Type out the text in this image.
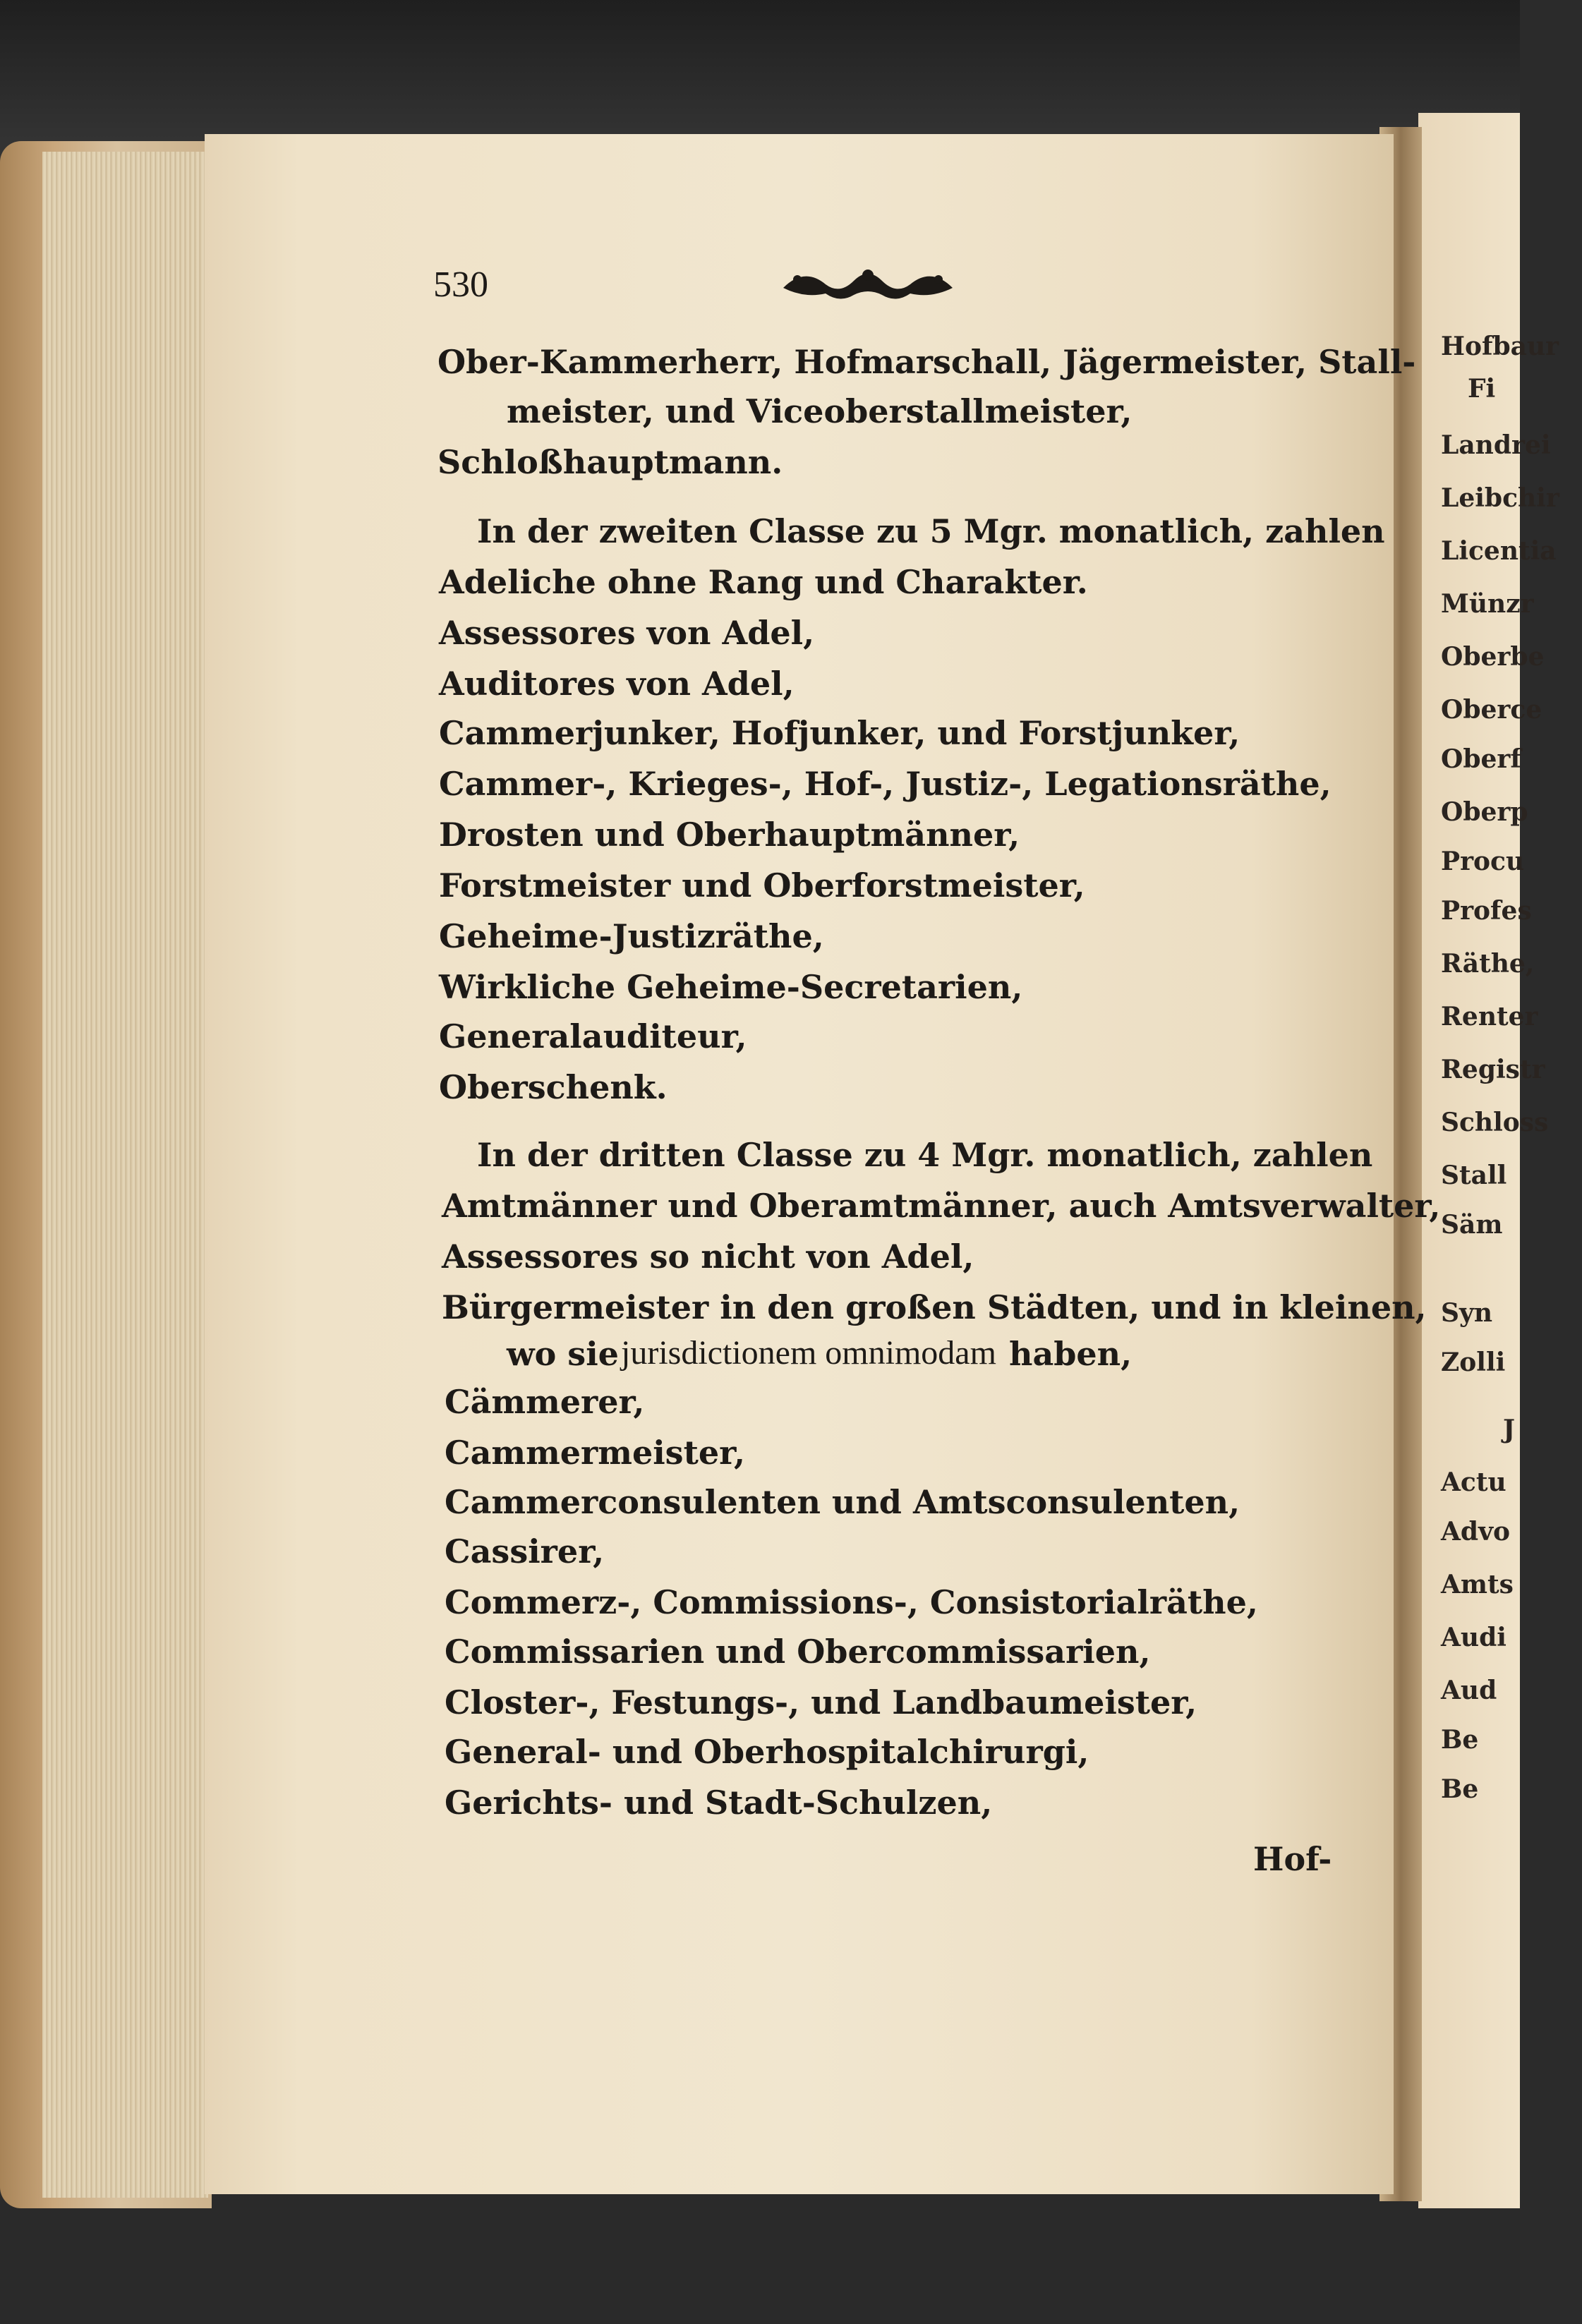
530
Ober-Kammerherr, Hofmarschall, Jägermeister, Stall-
meister, und Viceoberstallmeister,
Schloßhauptmann.
In der zweiten Classe zu 5 Mgr. monatlich, zahlen
Adeliche ohne Rang und Charakter.
Assessores von Adel,
Auditores von Adel,
Cammerjunker, Hofjunker, und Forstjunker,
Cammer-, Krieges-, Hof-, Justiz-, Legationsräthe,
Drosten und Oberhauptmänner,
Forstmeister und Oberforstmeister,
Geheime-Justizräthe,
Wirkliche Geheime-Secretarien,
Generalauditeur,
Oberschenk.
In der dritten Classe zu 4 Mgr. monatlich, zahlen
Amtmänner und Oberamtmänner, auch Amtsverwalter,
Assessores so nicht von Adel,
Bürgermeister in den großen Städten, und in kleinen,
wo sie jurisdictionem omnimodam haben,
Cämmerer,
Cammermeister,
Cammerconsulenten und Amtsconsulenten,
Cassirer,
Commerz-, Commissions-, Consistorialräthe,
Commissarien und Obercommissarien,
Closter-, Festungs-, und Landbaumeister,
General- und Oberhospitalchirurgi,
Gerichts- und Stadt-Schulzen,
Hof-
Hofbaur
Fi
Landrei
Leibchir
Licentia
Münzr
Oberbe
Oberce
Oberf
Oberp
Procu
Profes
Räthe,
Renter
Registr
Schloss
Stall
Säm
Syn
Zolli
J
Actu
Advo
Amts
Audi
Aud
Be
Be
